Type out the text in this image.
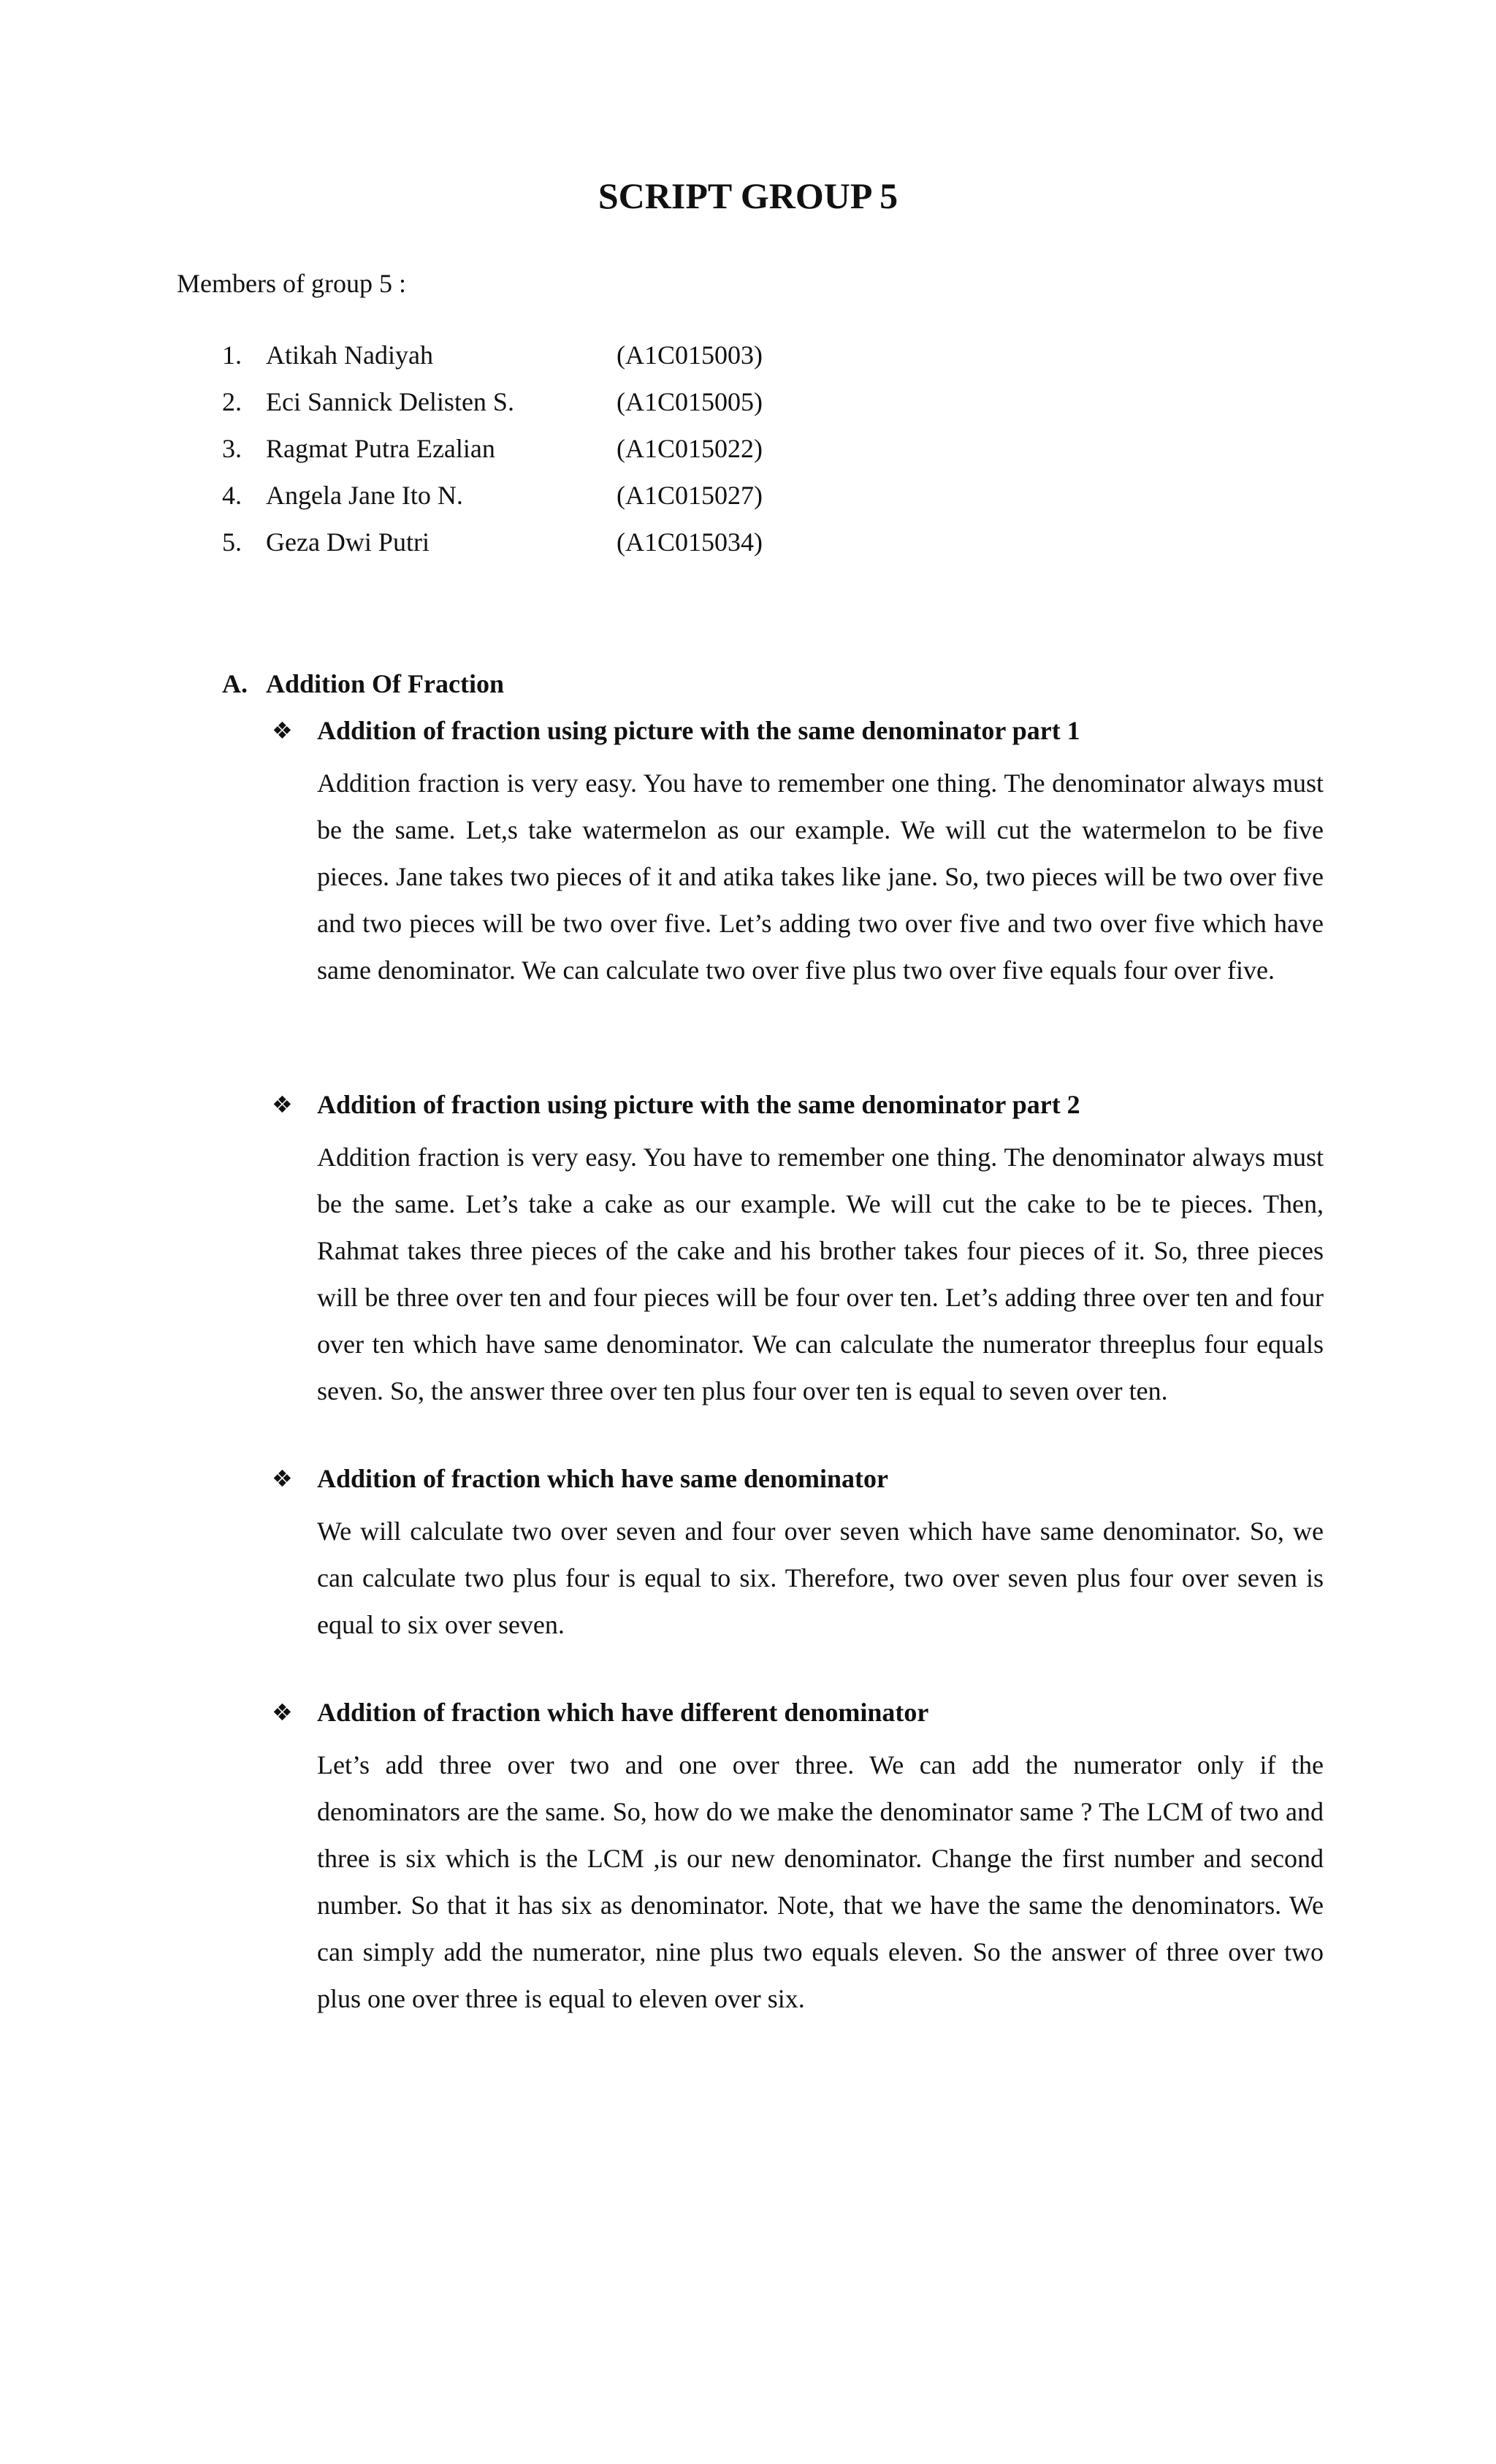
SCRIPT GROUP 5
Members of group 5 :
1. Atikah Nadiyah	(A1C015003)
2. Eci Sannick Delisten S.	(A1C015005)
3. Ragmat Putra Ezalian	(A1C015022)
4. Angela Jane Ito N.	(A1C015027)
5. Geza Dwi Putri	(A1C015034)
A. Addition Of Fraction
❖ Addition of fraction using picture with the same denominator part 1

Addition fraction is very easy. You have to remember one thing. The denominator always must be the same. Let,s take watermelon as our example. We will cut the watermelon to be five pieces. Jane takes two pieces of it and atika takes like jane. So, two pieces will be two over five and two pieces will be two over five. Let’s adding two over five and two over five which have same denominator. We can calculate two over five plus two over five equals four over five.

❖ Addition of fraction using picture with the same denominator part 2

Addition fraction is very easy. You have to remember one thing. The denominator always must be the same. Let’s take a cake as our example. We will cut the cake to be te pieces. Then, Rahmat takes three pieces of the cake and his brother takes four pieces of it. So, three pieces will be three over ten and four pieces will be four over ten. Let’s adding three over ten and four over ten which have same denominator. We can calculate the numerator threeplus four equals seven. So, the answer three over ten plus four over ten is equal to seven over ten.

❖ Addition of fraction which have same denominator

We will calculate two over seven and four over seven which have same denominator. So, we can calculate two plus four is equal to six. Therefore, two over seven plus four over seven is equal to six over seven.

❖ Addition of fraction which have different denominator

Let’s add three over two and one over three. We can add the numerator only if the denominators are the same. So, how do we make the denominator same ? The LCM of two and three is six which is the LCM ,is our new denominator. Change the first number and second number. So that it has six as denominator. Note, that we have the same the denominators. We can simply add the numerator, nine plus two equals eleven. So the answer of three over two plus one over three is equal to eleven over six.
